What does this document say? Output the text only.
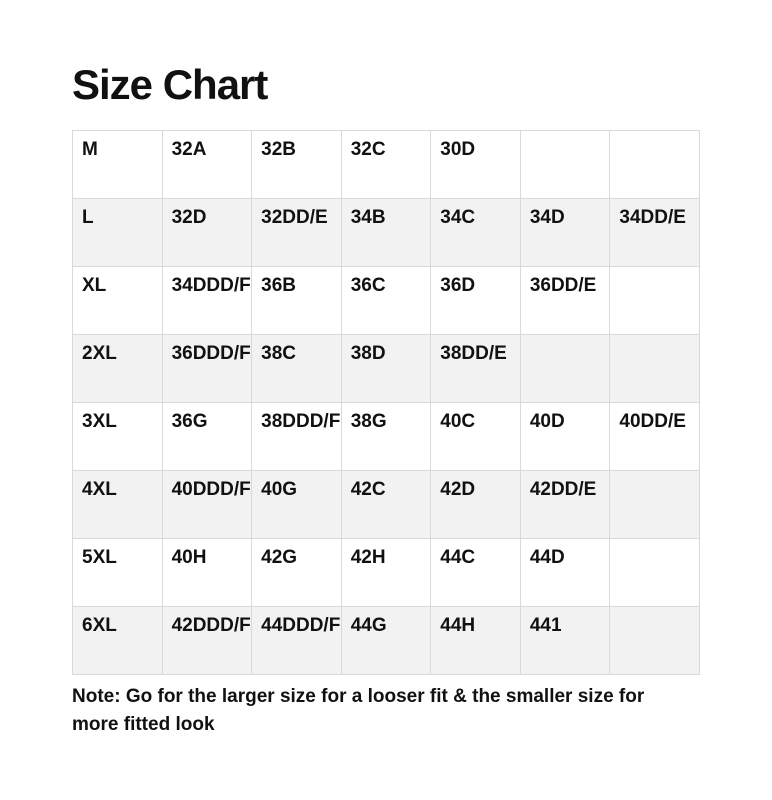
Size Chart
M	32A	32B	32C	30D		
L	32D	32DD/E	34B	34C	34D	34DD/E
XL	34DDD/F	36B	36C	36D	36DD/E	
2XL	36DDD/F	38C	38D	38DD/E		
3XL	36G	38DDD/F	38G	40C	40D	40DD/E
4XL	40DDD/F	40G	42C	42D	42DD/E	
5XL	40H	42G	42H	44C	44D	
6XL	42DDD/F	44DDD/F	44G	44H	441	
Note: Go for the larger size for a looser fit & the smaller size for more fitted look
